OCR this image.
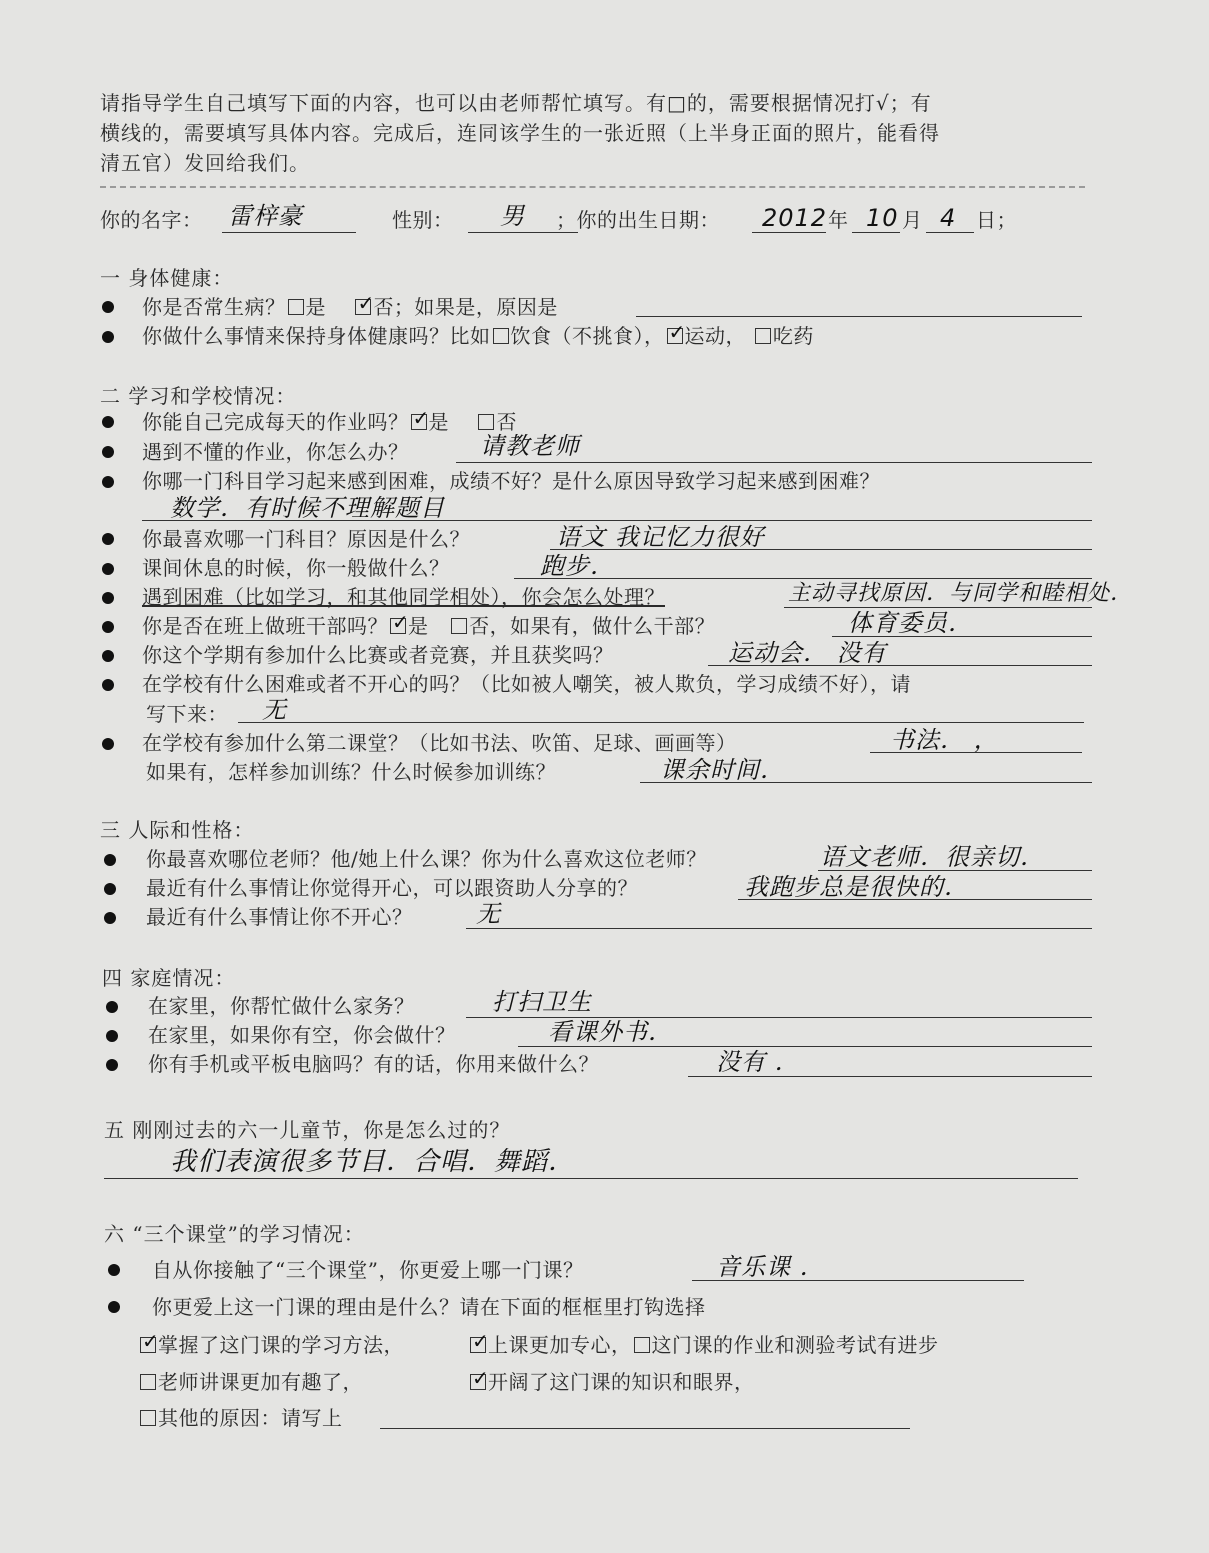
请指导学生自己填写下面的内容，也可以由老师帮忙填写。有□的，需要根据情况打√；有
横线的，需要填写具体内容。完成后，连同该学生的一张近照（上半身正面的照片，能看得
清五官）发回给我们。
你的名字： 雷梓豪	性别： 男 ；你的出生日期： 2012 年 10 月 4 日；
一 身体健康：
你是否常生病？ 是 ✓ 否；如果是，原因是
你做什么事情来保持身体健康吗？比如 饮食（不挑食）， ✓ 运动， 吃药
二 学习和学校情况：
你能自己完成每天的作业吗？ ✓ 是 否
遇到不懂的作业，你怎么办？	请教老师
你哪一门科目学习起来感到困难，成绩不好？是什么原因导致学习起来感到困难？
数学．有时候不理解题目
你最喜欢哪一门科目？原因是什么？	语文 我记忆力很好
课间休息的时候，你一般做什么？	跑步．
遇到困难（比如学习，和其他同学相处），你会怎么处理？	主动寻找原因．与同学和睦相处．
你是否在班上做班干部吗？ ✓ 是 否，如果有，做什么干部？	体育委员．
你这个学期有参加什么比赛或者竞赛，并且获奖吗？	运动会． 没有
在学校有什么困难或者不开心的吗？（比如被人嘲笑，被人欺负，学习成绩不好），请
写下来： 无
在学校有参加什么第二课堂？（比如书法、吹笛、足球、画画等）	书法． ，
如果有，怎样参加训练？什么时候参加训练？	课余时间．
三 人际和性格：
你最喜欢哪位老师？他/她上什么课？你为什么喜欢这位老师？	语文老师．很亲切．
最近有什么事情让你觉得开心，可以跟资助人分享的？	我跑步总是很快的．
最近有什么事情让你不开心？	无
四 家庭情况：
在家里，你帮忙做什么家务？	打扫卫生
在家里，如果你有空，你会做什？	看课外书．
你有手机或平板电脑吗？有的话，你用来做什么？	没有 ．
五 刚刚过去的六一儿童节，你是怎么过的？
我们表演很多节目．合唱．舞蹈．
六 “三个课堂”的学习情况：
自从你接触了“三个课堂”，你更爱上哪一门课？	音乐课 ．
你更爱上这一门课的理由是什么？请在下面的框框里打钩选择
✓掌握了这门课的学习方法， ✓	上课更加专心， 这门课的作业和测验考试有进步
老师讲课更加有趣了， ✓	开阔了这门课的知识和眼界，
其他的原因：请写上
